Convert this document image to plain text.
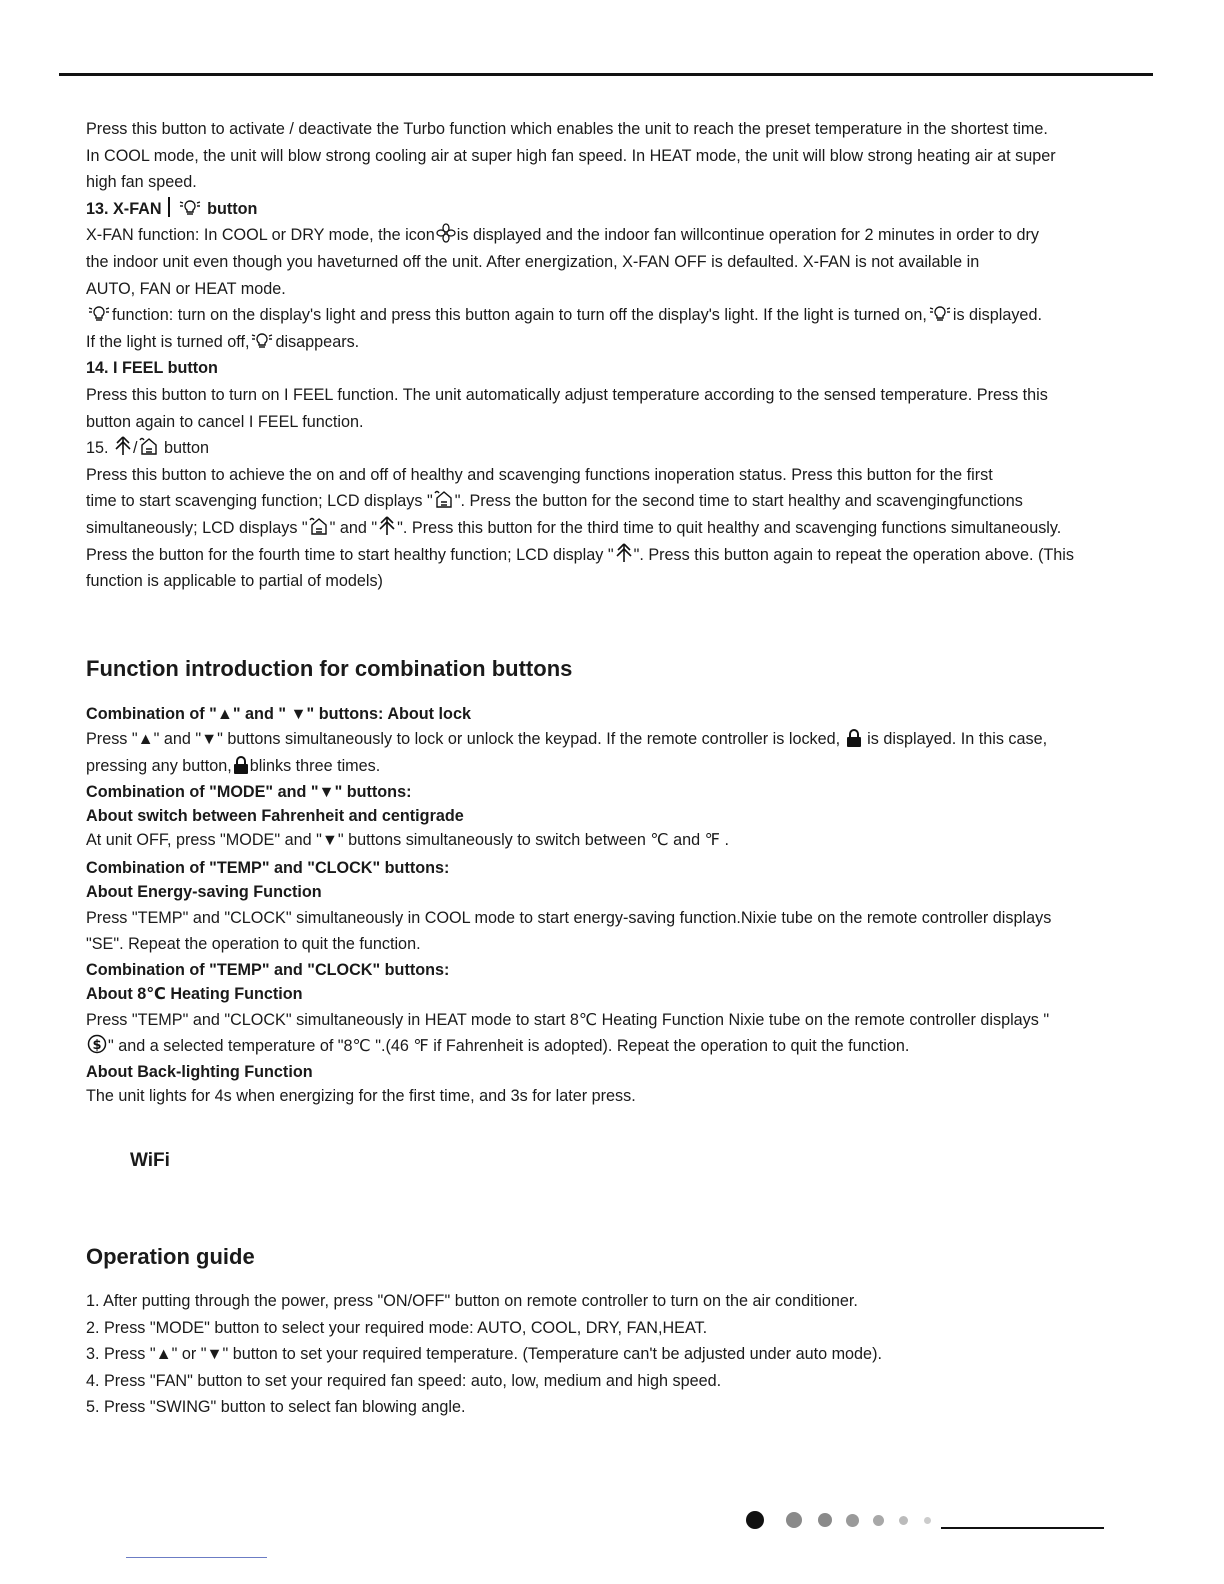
Press this button to activate / deactivate the Turbo function which enables the unit to reach the preset temperature in the shortest time.

In COOL mode, the unit will blow strong cooling air at super high fan speed. In HEAT mode, the unit will blow strong heating air at super

high fan speed.

13. X-FAN
	button

X-FAN function: In COOL or DRY mode, the icon is displayed and the indoor fan willcontinue operation for 2 minutes in order to dry

the indoor unit even though you haveturned off the unit. After energization, X-FAN OFF is defaulted. X-FAN is not available in

AUTO, FAN or HEAT mode.

function: turn on the display's light and press this button again to turn off the display's light. If the light is turned on, is displayed.

If the light is turned off, disappears.

14. I FEEL button

Press this button to turn on I FEEL function. The unit automatically adjust temperature according to the sensed temperature. Press this

button again to cancel I FEEL function.

15. / button

Press this button to achieve the on and off of healthy and scavenging functions inoperation status. Press this button for the first

time to start scavenging function; LCD displays " ". Press the button for the second time to start healthy and scavengingfunctions

simultaneously; LCD displays " " and " ". Press this button for the third time to quit healthy and scavenging functions simultaneously.

Press the button for the fourth time to start healthy function; LCD display " ". Press this button again to repeat the operation above. (This

function is applicable to partial of models)

Function introduction for combination buttons

Combination of "▲" and " ▼" buttons: About lock

Press "▲" and "▼" buttons simultaneously to lock or unlock the keypad. If the remote controller is locked, is displayed. In this case,

pressing any button, blinks three times.

Combination of "MODE" and "▼" buttons:

About switch between Fahrenheit and centigrade

At unit OFF, press "MODE" and "▼" buttons simultaneously to switch between ℃ and ℉ .

Combination of "TEMP" and "CLOCK" buttons:

About Energy-saving Function

Press "TEMP" and "CLOCK" simultaneously in COOL mode to start energy-saving function.Nixie tube on the remote controller displays

"SE". Repeat the operation to quit the function.

Combination of "TEMP" and "CLOCK" buttons:

About 8℃ Heating Function

Press "TEMP" and "CLOCK" simultaneously in HEAT mode to start 8℃ Heating Function Nixie tube on the remote controller displays "

$ " and a selected temperature of "8℃ ".(46 ℉ if Fahrenheit is adopted). Repeat the operation to quit the function.

About Back-lighting Function

The unit lights for 4s when energizing for the first time, and 3s for later press.

WiFi
Operation guide

1. After putting through the power, press "ON/OFF" button on remote controller to turn on the air conditioner.

2. Press "MODE" button to select your required mode: AUTO, COOL, DRY, FAN,HEAT.

3. Press "▲" or "▼" button to set your required temperature. (Temperature can't be adjusted under auto mode).

4. Press "FAN" button to set your required fan speed: auto, low, medium and high speed.

5. Press "SWING" button to select fan blowing angle.
